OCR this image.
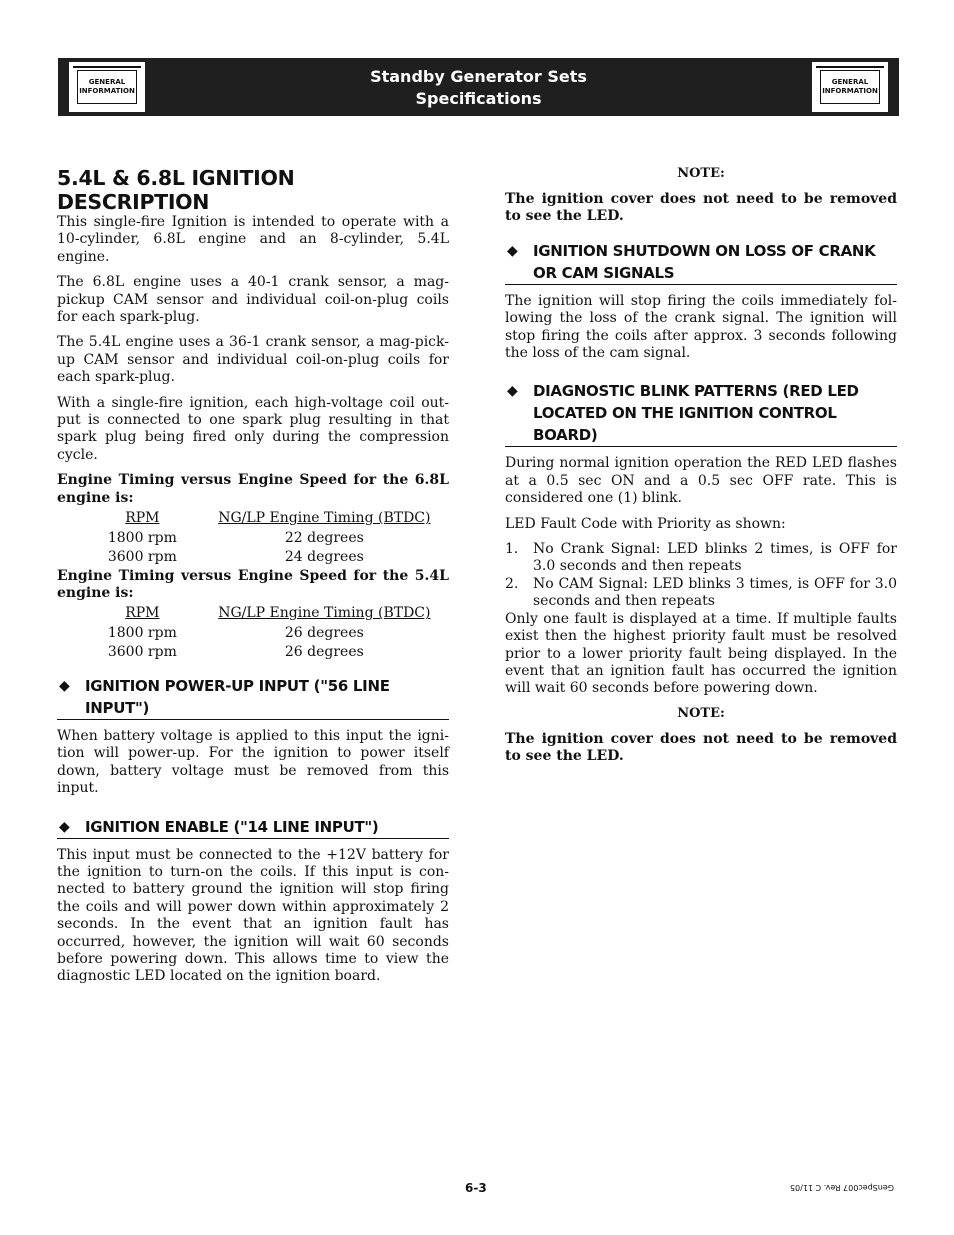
GENERAL
INFORMATION
Standby Generator Sets
Specifications
GENERAL
INFORMATION
5.4L & 6.8L IGNITION DESCRIPTION

This single-fire Ignition is intended to operate with a 10-cylinder, 6.8L engine and an 8-cylinder, 5.4L engine.

The 6.8L engine uses a 40-1 crank sensor, a mag-pickup CAM sensor and individual coil-on-plug coils for each spark-plug.

The 5.4L engine uses a 36-1 crank sensor, a mag-pick-up CAM sensor and individual coil-on-plug coils for each spark-plug.

With a single-fire ignition, each high-voltage coil out-put is connected to one spark plug resulting in that spark plug being fired only during the compression cycle.

Engine Timing versus Engine Speed for the 6.8L engine is:

RPM	NG/LP Engine Timing (BTDC)
1800 rpm	22 degrees
3600 rpm	24 degrees

Engine Timing versus Engine Speed for the 5.4L engine is:

RPM	NG/LP Engine Timing (BTDC)
1800 rpm	26 degrees
3600 rpm	26 degrees
◆ IGNITION POWER-UP INPUT ("56 LINE INPUT")

When battery voltage is applied to this input the igni-tion will power-up. For the ignition to power itself down, battery voltage must be removed from this input.

◆ IGNITION ENABLE ("14 LINE INPUT")

This input must be connected to the +12V battery for the ignition to turn-on the coils. If this input is con-nected to battery ground the ignition will stop firing the coils and will power down within approximately 2 seconds. In the event that an ignition fault has occurred, however, the ignition will wait 60 seconds before powering down. This allows time to view the diagnostic LED located on the ignition board.

NOTE:

The ignition cover does not need to be removed to see the LED.

◆ IGNITION SHUTDOWN ON LOSS OF CRANK OR CAM SIGNALS

The ignition will stop firing the coils immediately fol-lowing the loss of the crank signal. The ignition will stop firing the coils after approx. 3 seconds following the loss of the cam signal.

◆ DIAGNOSTIC BLINK PATTERNS (RED LED LOCATED ON THE IGNITION CONTROL BOARD)

During normal ignition operation the RED LED flashes at a 0.5 sec ON and a 0.5 sec OFF rate. This is considered one (1) blink.

LED Fault Code with Priority as shown:

1. No Crank Signal: LED blinks 2 times, is OFF for 3.0 seconds and then repeats
2. No CAM Signal: LED blinks 3 times, is OFF for 3.0 seconds and then repeats

Only one fault is displayed at a time. If multiple faults exist then the highest priority fault must be resolved prior to a lower priority fault being displayed. In the event that an ignition fault has occurred the ignition will wait 60 seconds before powering down.

NOTE:

The ignition cover does not need to be removed to see the LED.

6-3	GenSpec007 Rev. C 11/05
